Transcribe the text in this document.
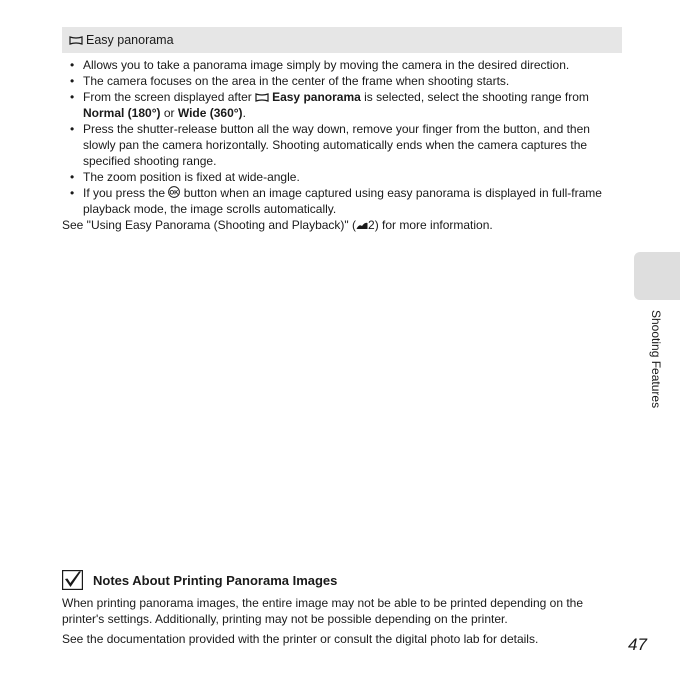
Easy panorama
• Allows you to take a panorama image simply by moving the camera in the desired direction.
• The camera focuses on the area in the center of the frame when shooting starts.
• From the screen displayed after
Easy panorama is selected, select the shooting range from Normal (180°) or Wide (360°).
• Press the shutter-release button all the way down, remove your finger from the button, and then slowly pan the camera horizontally. Shooting automatically ends when the camera captures the specified shooting range.
• The zoom position is fixed at wide-angle.
• If you press the OK button when an image captured using easy panorama is displayed in full-frame playback mode, the image scrolls automatically.
See "Using Easy Panorama (Shooting and Playback)" ( 2) for more information.
Shooting Features
Notes About Printing Panorama Images

When printing panorama images, the entire image may not be able to be printed depending on the printer's settings. Additionally, printing may not be possible depending on the printer.

See the documentation provided with the printer or consult the digital photo lab for details.	47
